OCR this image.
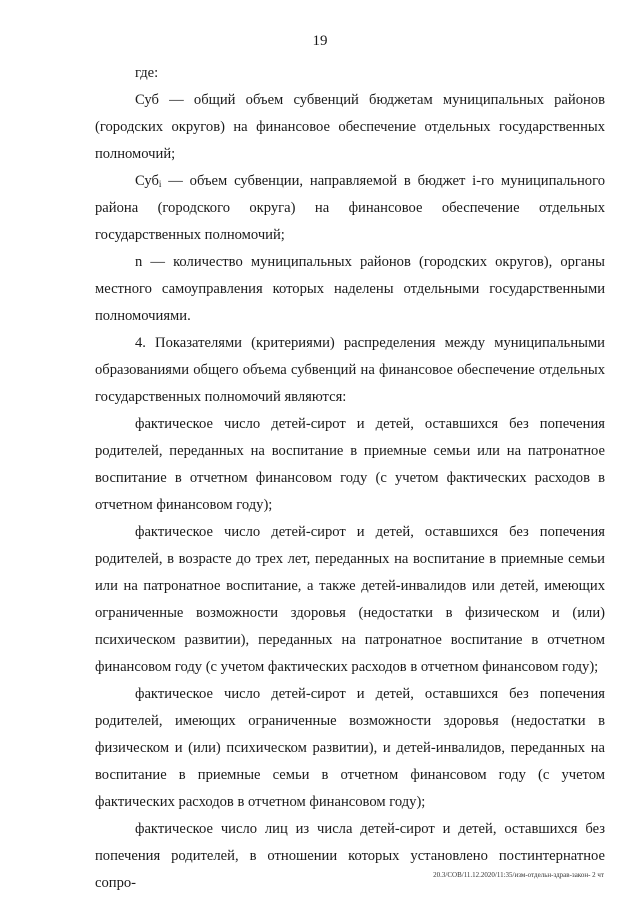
19

где:

Суб — общий объем субвенций бюджетам муниципальных районов (городских округов) на финансовое обеспечение отдельных государственных полномочий;

Суб$_i$ — объем субвенции, направляемой в бюджет i-го муниципального района (городского округа) на финансовое обеспечение отдельных государственных полномочий;

n — количество муниципальных районов (городских округов), органы местного самоуправления которых наделены отдельными государственными полномочиями.

4. Показателями (критериями) распределения между муниципальными образованиями общего объема субвенций на финансовое обеспечение отдельных государственных полномочий являются:

фактическое число детей-сирот и детей, оставшихся без попечения родителей, переданных на воспитание в приемные семьи или на патронатное воспитание в отчетном финансовом году (с учетом фактических расходов в отчетном финансовом году);

фактическое число детей-сирот и детей, оставшихся без попечения родителей, в возрасте до трех лет, переданных на воспитание в приемные семьи или на патронатное воспитание, а также детей-инвалидов или детей, имеющих ограниченные возможности здоровья (недостатки в физическом и (или) психическом развитии), переданных на патронатное воспитание в отчетном финансовом году (с учетом фактических расходов в отчетном финансовом году);

фактическое число детей-сирот и детей, оставшихся без попечения родителей, имеющих ограниченные возможности здоровья (недостатки в физическом и (или) психическом развитии), и детей-инвалидов, переданных на воспитание в приемные семьи в отчетном финансовом году (с учетом фактических расходов в отчетном финансовом году);

фактическое число лиц из числа детей-сирот и детей, оставшихся без попечения родителей, в отношении которых установлено постинтернатное сопро-	20.3/СОВ/11.12.2020/11:35/изм-отдельн-здрав-закон- 2 чт
